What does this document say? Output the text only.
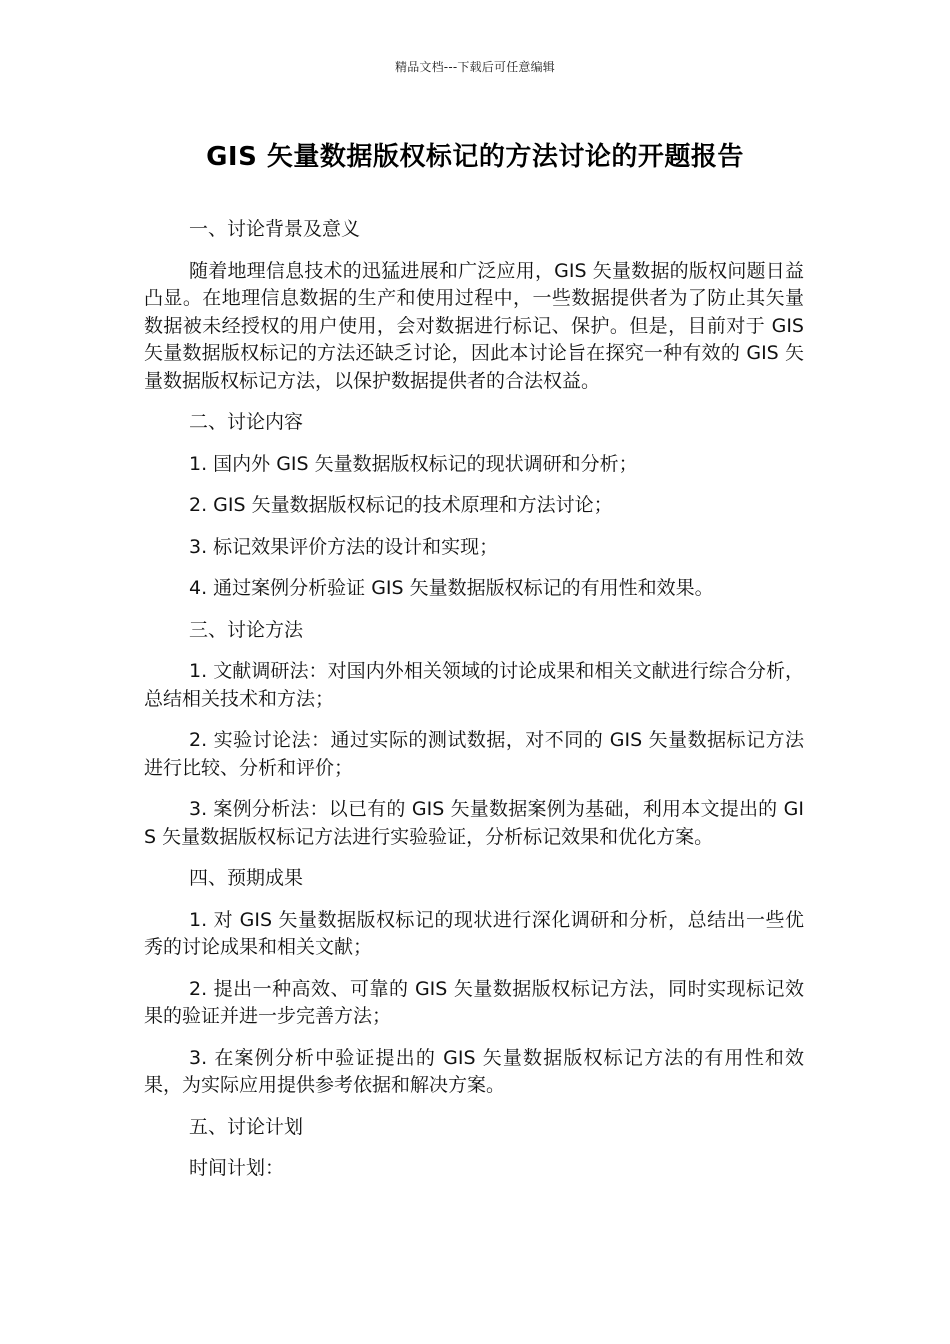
精品文档---下载后可任意编辑
GIS 矢量数据版权标记的方法讨论的开题报告
一、讨论背景及意义
随着地理信息技术的迅猛进展和广泛应用，GIS 矢量数据的版权问题日益凸显。在地理信息数据的生产和使用过程中，一些数据提供者为了防止其矢量数据被未经授权的用户使用，会对数据进行标记、保护。但是，目前对于 GIS 矢量数据版权标记的方法还缺乏讨论，因此本讨论旨在探究一种有效的 GIS 矢量数据版权标记方法，以保护数据提供者的合法权益。
二、讨论内容
1. 国内外 GIS 矢量数据版权标记的现状调研和分析；
2. GIS 矢量数据版权标记的技术原理和方法讨论；
3. 标记效果评价方法的设计和实现；
4. 通过案例分析验证 GIS 矢量数据版权标记的有用性和效果。
三、讨论方法
1. 文献调研法：对国内外相关领域的讨论成果和相关文献进行综合分析，总结相关技术和方法；
2. 实验讨论法：通过实际的测试数据，对不同的 GIS 矢量数据标记方法进行比较、分析和评价；
3. 案例分析法：以已有的 GIS 矢量数据案例为基础，利用本文提出的 GIS 矢量数据版权标记方法进行实验验证，分析标记效果和优化方案。
四、预期成果
1. 对 GIS 矢量数据版权标记的现状进行深化调研和分析，总结出一些优秀的讨论成果和相关文献；
2. 提出一种高效、可靠的 GIS 矢量数据版权标记方法，同时实现标记效果的验证并进一步完善方法；
3. 在案例分析中验证提出的 GIS 矢量数据版权标记方法的有用性和效果，为实际应用提供参考依据和解决方案。
五、讨论计划
时间计划：
